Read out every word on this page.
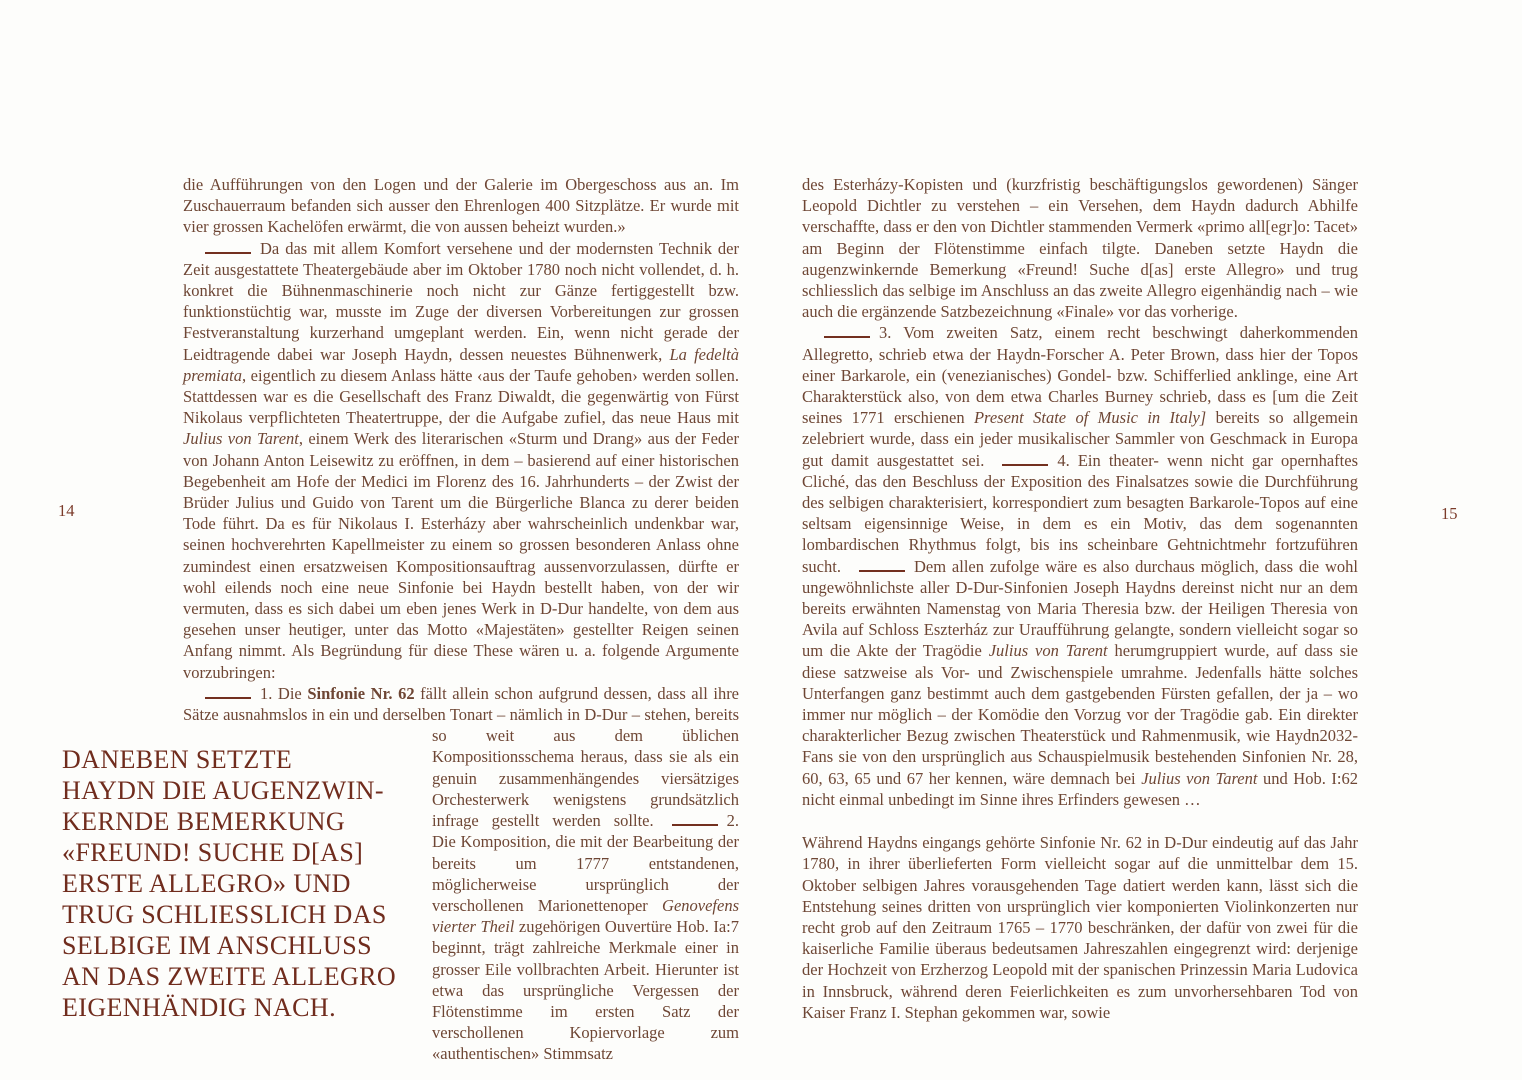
14

die Aufführungen von den Logen und der Galerie im Obergeschoss aus an. Im Zuschauerraum befanden sich ausser den Ehrenlogen 400 Sitzplätze. Er wurde mit vier grossen Kachelöfen erwärmt, die von aussen beheizt wurden.»

Da das mit allem Komfort versehene und der modernsten Technik der Zeit ausgestattete Theatergebäude aber im Oktober 1780 noch nicht vollendet, d. h. konkret die Bühnenmaschinerie noch nicht zur Gänze fertiggestellt bzw. funktionstüchtig war, musste im Zuge der diversen Vorbereitungen zur grossen Festveranstaltung kurzerhand umgeplant werden. Ein, wenn nicht gerade der Leidtragende dabei war Joseph Haydn, dessen neuestes Bühnenwerk, La fedeltà premiata, eigentlich zu diesem Anlass hätte ‹aus der Taufe gehoben› werden sollen. Stattdessen war es die Gesellschaft des Franz Diwaldt, die gegenwärtig von Fürst Nikolaus verpflichteten Theatertruppe, der die Aufgabe zufiel, das neue Haus mit Julius von Tarent, einem Werk des literarischen «Sturm und Drang» aus der Feder von Johann Anton Leisewitz zu eröffnen, in dem – basierend auf einer historischen Begebenheit am Hofe der Medici im Florenz des 16. Jahrhunderts – der Zwist der Brüder Julius und Guido von Tarent um die Bürgerliche Blanca zu derer beiden Tode führt. Da es für Nikolaus I. Esterházy aber wahrscheinlich undenkbar war, seinen hochverehrten Kapellmeister zu einem so grossen besonderen Anlass ohne zumindest einen ersatzweisen Kompositionsauftrag aussenvorzulassen, dürfte er wohl eilends noch eine neue Sinfonie bei Haydn bestellt haben, von der wir vermuten, dass es sich dabei um eben jenes Werk in D-Dur handelte, von dem aus gesehen unser heutiger, unter das Motto «Majestäten» gestellter Reigen seinen Anfang nimmt. Als Begründung für diese These wären u. a. folgende Argumente vorzubringen:

1. Die Sinfonie Nr. 62 fällt allein schon aufgrund dessen, dass all ihre Sätze ausnahmslos in ein und derselben Tonart – nämlich in D-Dur – stehen,
bereits so weit aus dem üblichen Kompositionsschema heraus, dass sie als ein genuin zusammenhängendes viersätziges Orchesterwerk wenigstens grundsätzlich infrage gestellt werden sollte.	2. Die Komposition, die mit der Bearbeitung der bereits um 1777 entstandenen, möglicherweise ursprünglich der verschollenen Marionettenoper Genovefens vierter Theil zugehörigen Ouvertüre Hob. Ia:7 beginnt, trägt zahlreiche Merkmale einer in grosser Eile vollbrachten Arbeit. Hierunter ist etwa das ursprüngliche Vergessen der Flötenstimme im ersten Satz der verschollenen Kopiervorlage zum «authentischen» Stimmsatz

DANEBEN SETZTE
HAYDN DIE AUGENZWIN-
KERNDE BEMERKUNG
«FREUND! SUCHE D[AS]
ERSTE ALLEGRO» UND
TRUG SCHLIESSLICH DAS
SELBIGE IM ANSCHLUSS
AN DAS ZWEITE ALLEGRO
EIGENHÄNDIG NACH.

des Esterházy-Kopisten und (kurzfristig beschäftigungslos gewordenen) Sänger Leopold Dichtler zu verstehen – ein Versehen, dem Haydn dadurch Abhilfe verschaffte, dass er den von Dichtler stammenden Vermerk «primo all[egr]o: Tacet» am Beginn der Flötenstimme einfach tilgte. Daneben setzte Haydn die augenzwinkernde Bemerkung «Freund! Suche d[as] erste Allegro» und trug schliesslich das selbige im Anschluss an das zweite Allegro eigenhändig nach – wie auch die ergänzende Satzbezeichnung «Finale» vor das vorherige.

3. Vom zweiten Satz, einem recht beschwingt daherkommenden Allegretto, schrieb etwa der Haydn-Forscher A. Peter Brown, dass hier der Topos einer Barkarole, ein (venezianisches) Gondel- bzw. Schifferlied anklinge, eine Art Charakterstück also, von dem etwa Charles Burney schrieb, dass es [um die Zeit seines 1771 erschienen Present State of Music in Italy] bereits so allgemein zelebriert wurde, dass ein jeder musikalischer Sammler von Geschmack in Europa gut damit ausgestattet sei.	4. Ein theater- wenn nicht gar opernhaftes Cliché, das den Beschluss der Exposition des Finalsatzes sowie die Durchführung des selbigen charakterisiert, korrespondiert zum besagten Barkarole-Topos auf eine seltsam eigensinnige Weise, in dem es ein Motiv, das dem sogenannten lombardischen Rhythmus folgt, bis ins scheinbare Gehtnichtmehr fortzuführen sucht.	Dem allen zufolge wäre es also durchaus möglich, dass die wohl ungewöhnlichste aller D-Dur-Sinfonien Joseph Haydns dereinst nicht nur an dem bereits erwähnten Namenstag von Maria Theresia bzw. der Heiligen Theresia von Avila auf Schloss Eszterház zur Uraufführung gelangte, sondern vielleicht sogar so um die Akte der Tragödie Julius von Tarent herumgruppiert wurde, auf dass sie diese satzweise als Vor- und Zwischenspiele umrahme. Jedenfalls hätte solches Unterfangen ganz bestimmt auch dem gastgebenden Fürsten gefallen, der ja – wo immer nur möglich – der Komödie den Vorzug vor der Tragödie gab. Ein direkter charakterlicher Bezug zwischen Theaterstück und Rahmenmusik, wie Haydn2032-Fans sie von den ursprünglich aus Schauspielmusik bestehenden Sinfonien Nr. 28, 60, 63, 65 und 67 her kennen, wäre demnach bei Julius von Tarent und Hob. I:62 nicht einmal unbedingt im Sinne ihres Erfinders gewesen …

Während Haydns eingangs gehörte Sinfonie Nr. 62 in D-Dur eindeutig auf das Jahr 1780, in ihrer überlieferten Form vielleicht sogar auf die unmittelbar dem 15. Oktober selbigen Jahres vorausgehenden Tage datiert werden kann, lässt sich die Entstehung seines dritten von ursprünglich vier komponierten Violinkonzerten nur recht grob auf den Zeitraum 1765 – 1770 beschränken, der dafür von zwei für die kaiserliche Familie überaus bedeutsamen Jahreszahlen eingegrenzt wird: derjenige der Hochzeit von Erzherzog Leopold mit der spanischen Prinzessin Maria Ludovica in Innsbruck, während deren Feierlichkeiten es zum unvorhersehbaren Tod von Kaiser Franz I. Stephan gekommen war, sowie

15
